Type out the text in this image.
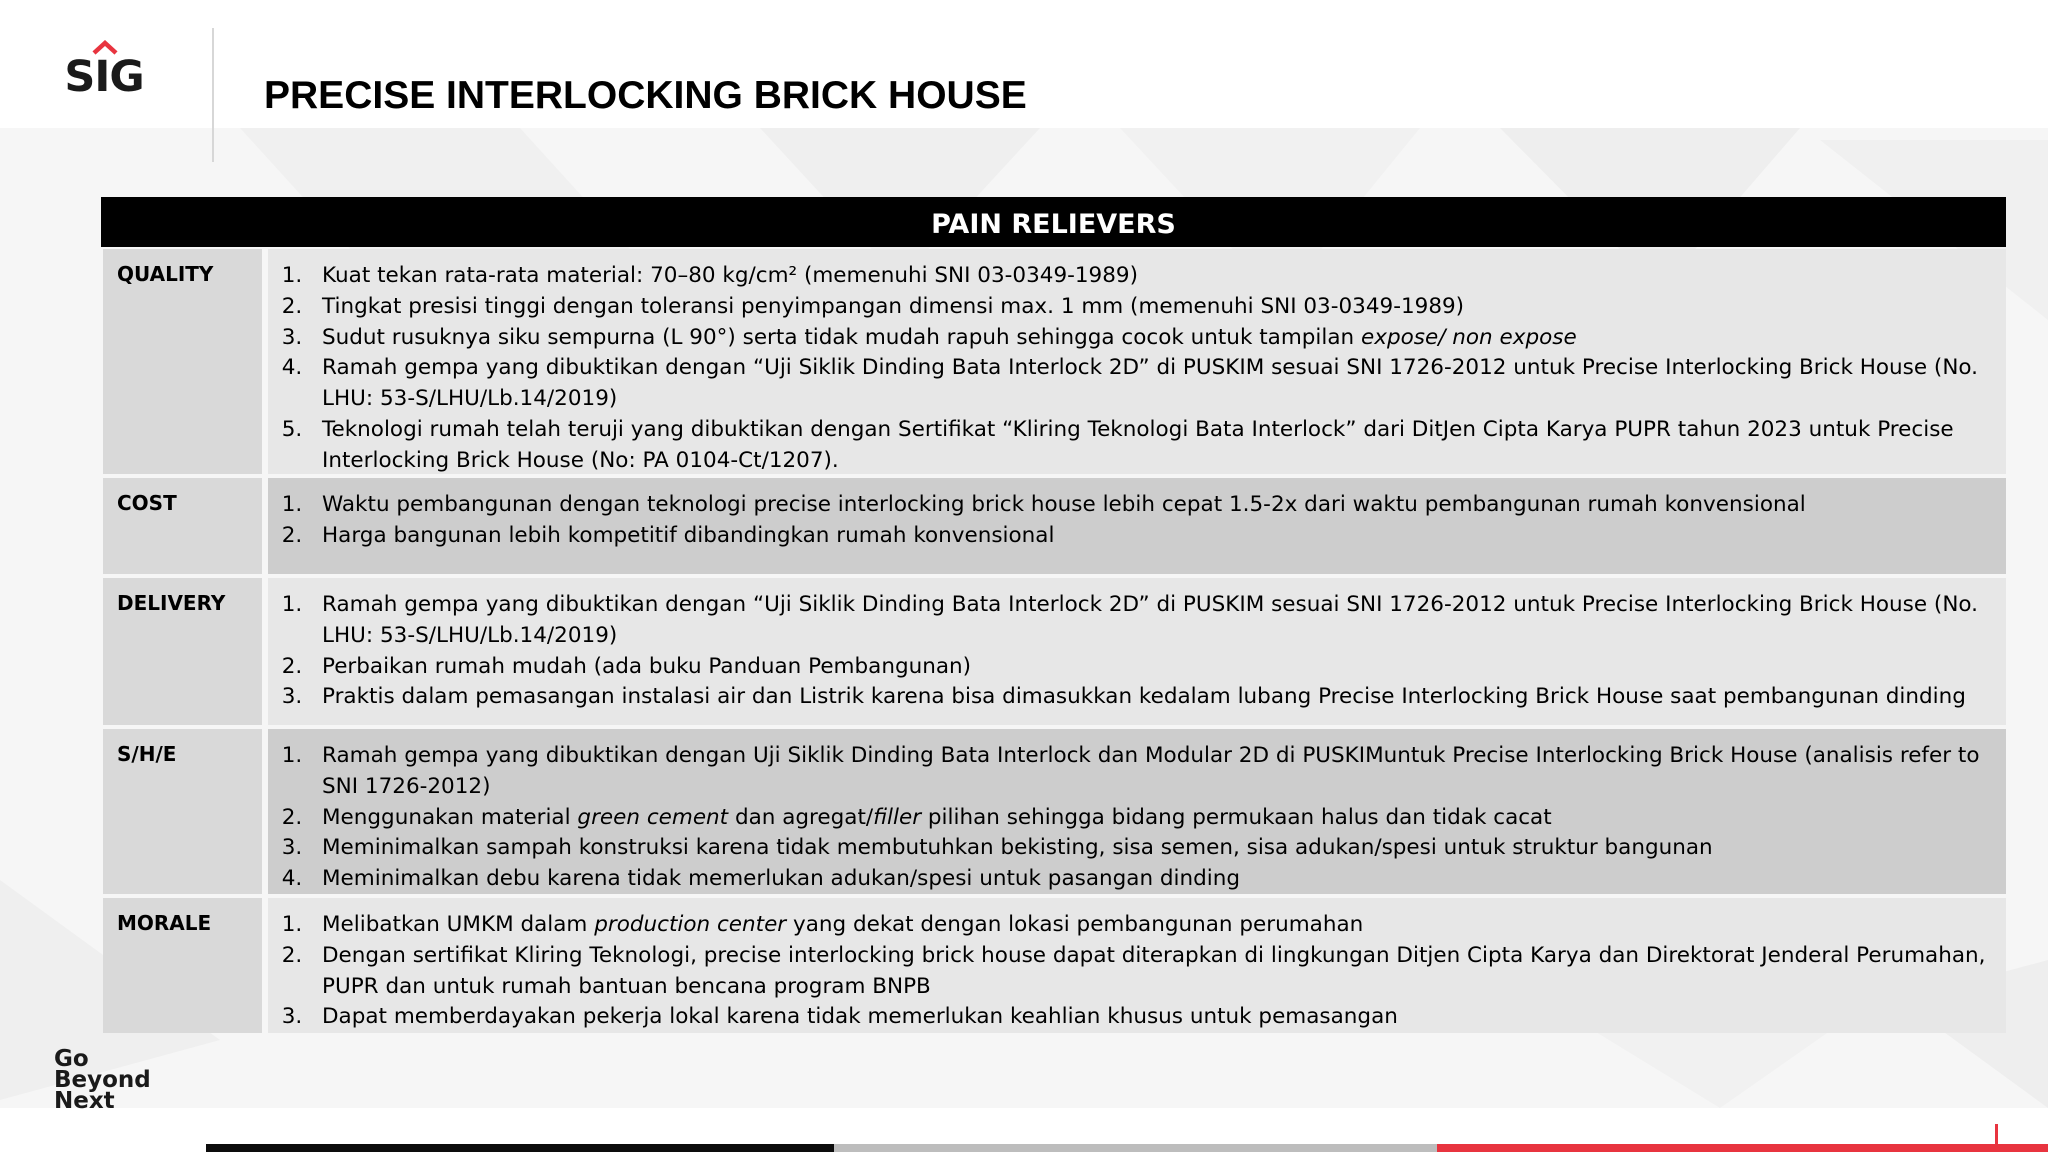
SIG	PRECISE INTERLOCKING BRICK HOUSE
PAIN RELIEVERS
QUALITY	1. Kuat tekan rata-rata material: 70–80 kg/cm² (memenuhi SNI 03-0349-1989)
2. Tingkat presisi tinggi dengan toleransi penyimpangan dimensi max. 1 mm (memenuhi SNI 03-0349-1989)
3. Sudut rusuknya siku sempurna (L 90°) serta tidak mudah rapuh sehingga cocok untuk tampilan expose/ non expose
4. Ramah gempa yang dibuktikan dengan “Uji Siklik Dinding Bata Interlock 2D” di PUSKIM sesuai SNI 1726-2012 untuk Precise Interlocking Brick House (No. LHU: 53-S/LHU/Lb.14/2019)
5. Teknologi rumah telah teruji yang dibuktikan dengan Sertifikat “Kliring Teknologi Bata Interlock” dari DitJen Cipta Karya PUPR tahun 2023 untuk Precise Interlocking Brick House (No: PA 0104-Ct/1207).
COST	1. Waktu pembangunan dengan teknologi precise interlocking brick house lebih cepat 1.5-2x dari waktu pembangunan rumah konvensional
2. Harga bangunan lebih kompetitif dibandingkan rumah konvensional
DELIVERY	1. Ramah gempa yang dibuktikan dengan “Uji Siklik Dinding Bata Interlock 2D” di PUSKIM sesuai SNI 1726-2012 untuk Precise Interlocking Brick House (No. LHU: 53-S/LHU/Lb.14/2019)
2. Perbaikan rumah mudah (ada buku Panduan Pembangunan)
3. Praktis dalam pemasangan instalasi air dan Listrik karena bisa dimasukkan kedalam lubang Precise Interlocking Brick House saat pembangunan dinding
S/H/E	1. Ramah gempa yang dibuktikan dengan Uji Siklik Dinding Bata Interlock dan Modular 2D di PUSKIMuntuk Precise Interlocking Brick House (analisis refer to SNI 1726-2012)
2. Menggunakan material green cement dan agregat/filler pilihan sehingga bidang permukaan halus dan tidak cacat
3. Meminimalkan sampah konstruksi karena tidak membutuhkan bekisting, sisa semen, sisa adukan/spesi untuk struktur bangunan
4. Meminimalkan debu karena tidak memerlukan adukan/spesi untuk pasangan dinding
MORALE	1. Melibatkan UMKM dalam production center yang dekat dengan lokasi pembangunan perumahan
2. Dengan sertifikat Kliring Teknologi, precise interlocking brick house dapat diterapkan di lingkungan Ditjen Cipta Karya dan Direktorat Jenderal Perumahan, PUPR dan untuk rumah bantuan bencana program BNPB
3. Dapat memberdayakan pekerja lokal karena tidak memerlukan keahlian khusus untuk pemasangan
Go
Beyond
Next
